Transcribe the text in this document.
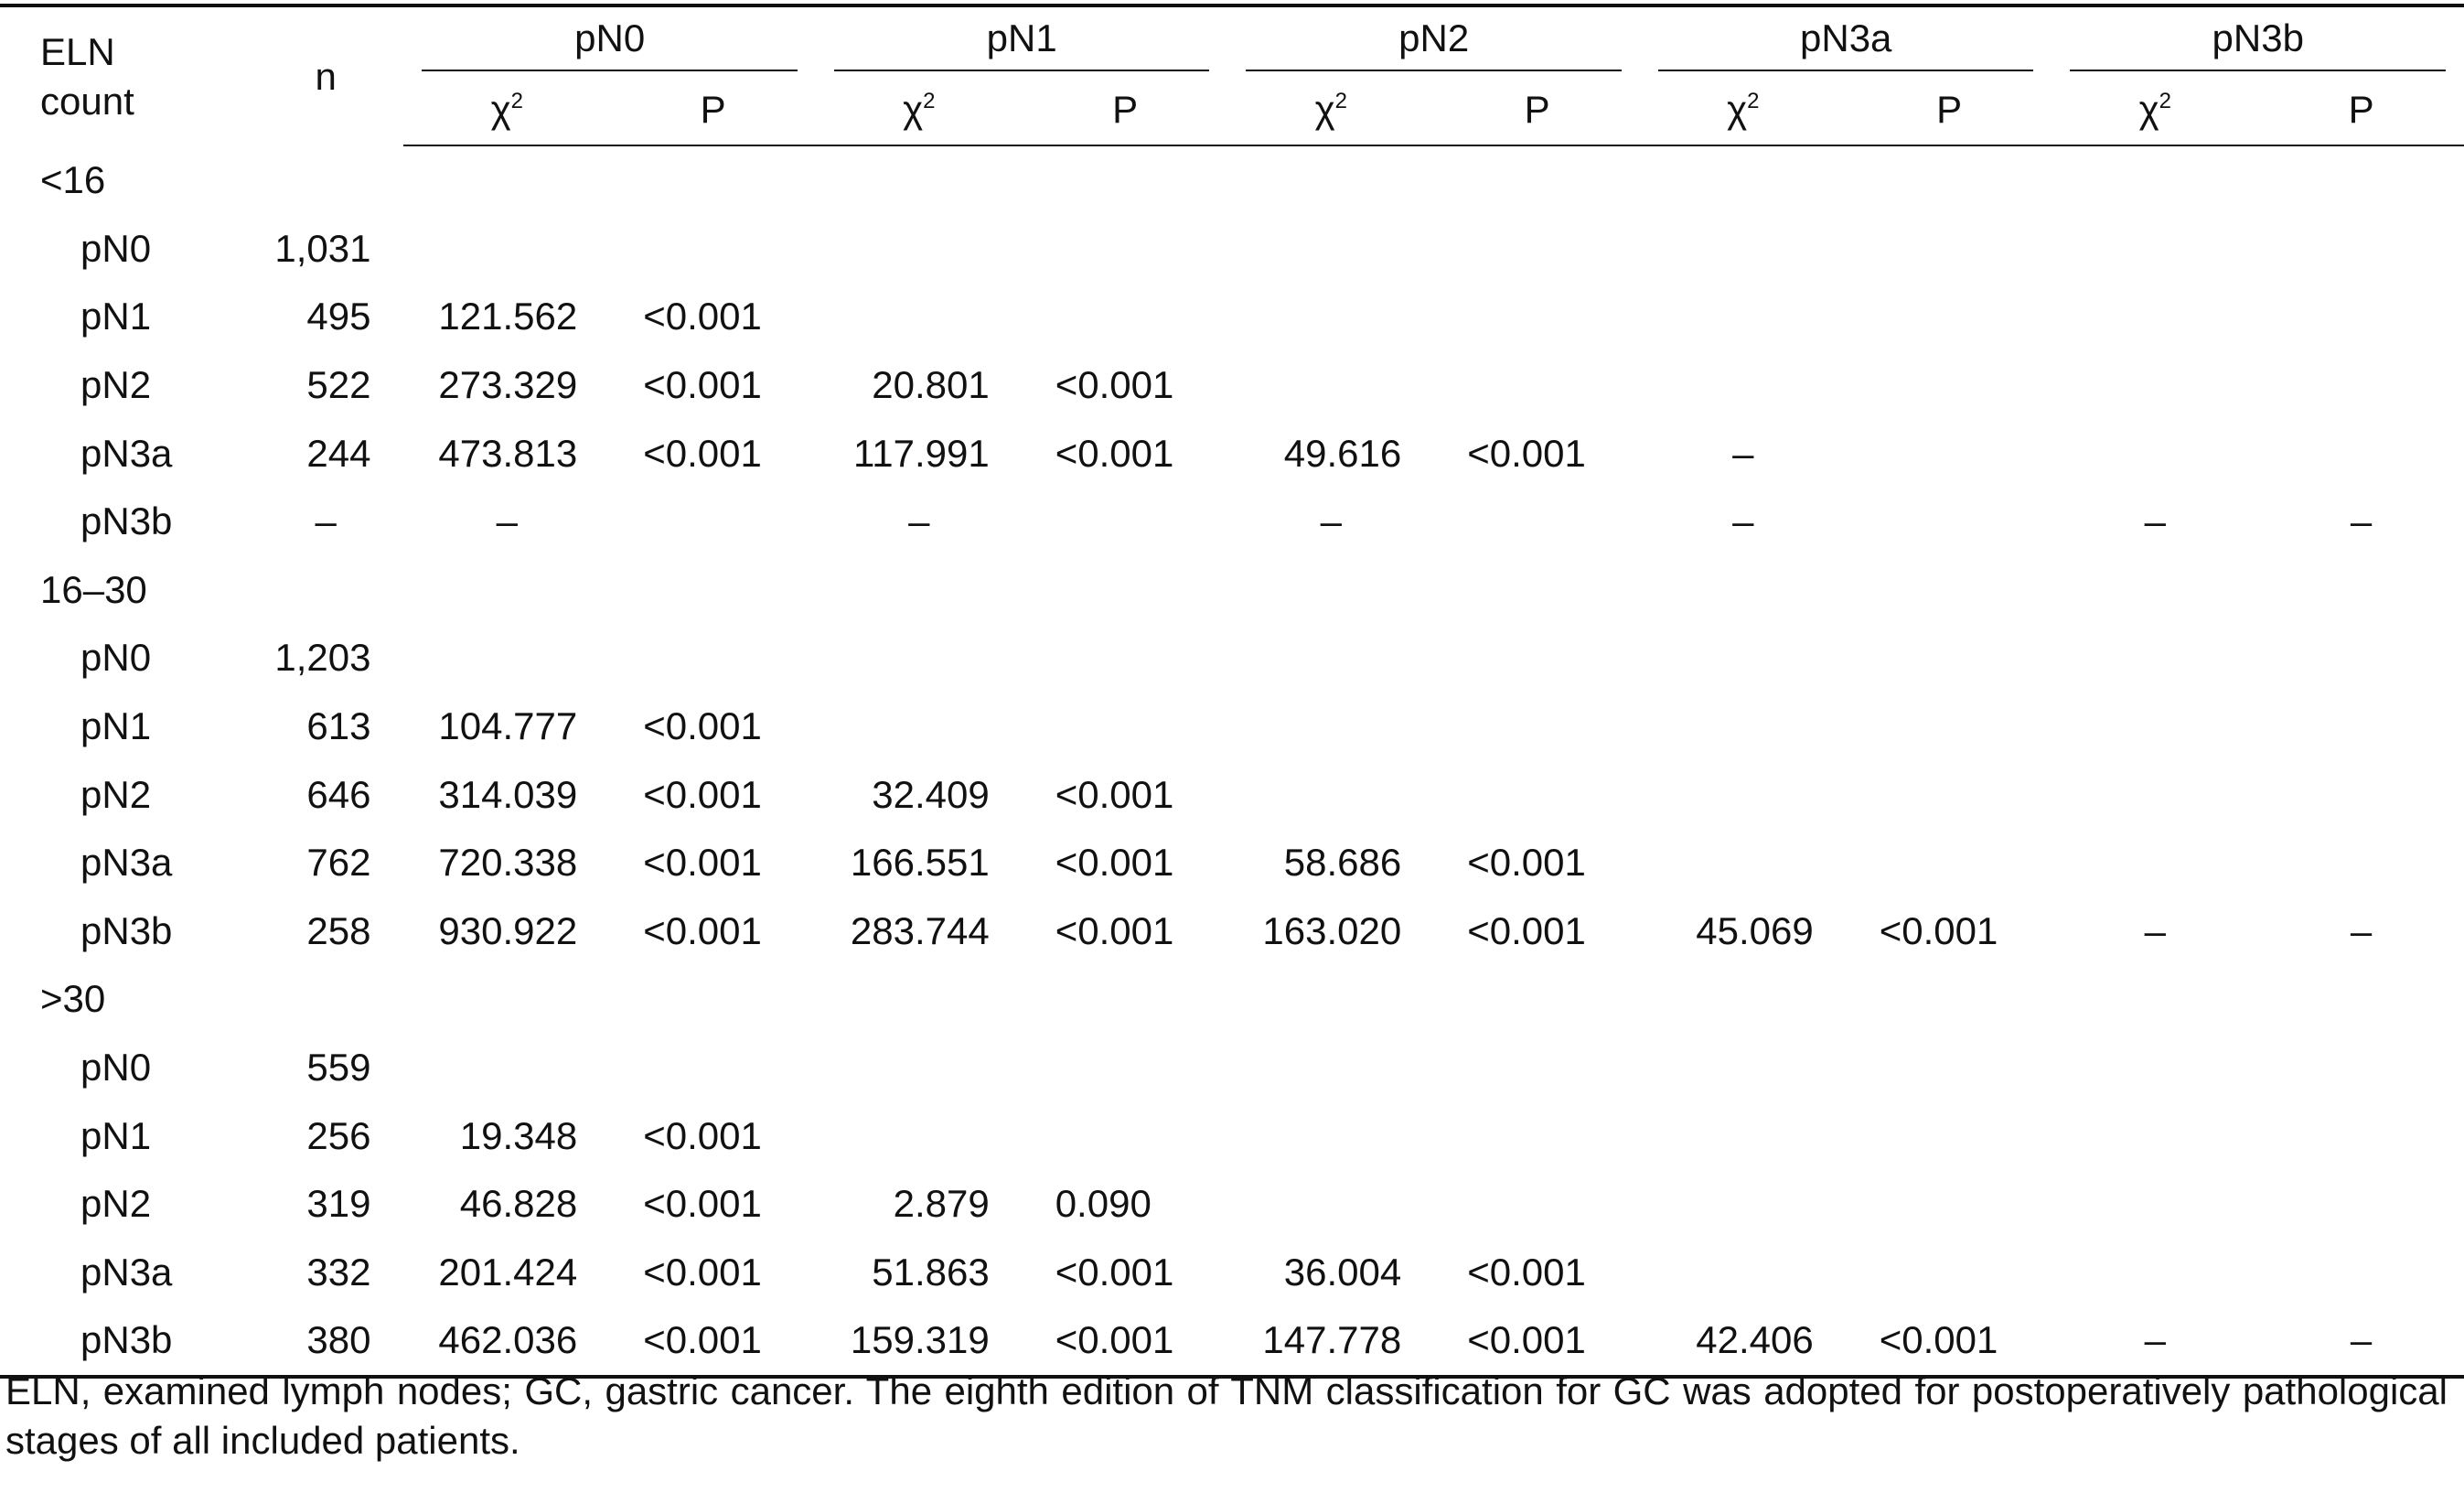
ELN
count	n	pN0		pN1		pN2		pN3a		pN3b	

		$\chi^2$	P	$\chi^2$	P	$\chi^2$	P	$\chi^2$	P	$\chi^2$	P
<16											
pN0	1,031										
pN1	495	121.562	<0.001								
pN2	522	273.329	<0.001	20.801	<0.001						
pN3a	244	473.813	<0.001	117.991	<0.001	49.616	<0.001	–			
pN3b	–	–		–		–		–		–	–
16–30											
pN0	1,203										
pN1	613	104.777	<0.001								
pN2	646	314.039	<0.001	32.409	<0.001						
pN3a	762	720.338	<0.001	166.551	<0.001	58.686	<0.001				
pN3b	258	930.922	<0.001	283.744	<0.001	163.020	<0.001	45.069	<0.001	–	–
>30											
pN0	559										
pN1	256	19.348	<0.001								
pN2	319	46.828	<0.001	2.879	0.090						
pN3a	332	201.424	<0.001	51.863	<0.001	36.004	<0.001				
pN3b	380	462.036	<0.001	159.319	<0.001	147.778	<0.001	42.406	<0.001	–	–
ELN, examined lymph nodes; GC, gastric cancer. The eighth edition of TNM classification for GC was adopted for postoperatively pathological stages of all included patients.
